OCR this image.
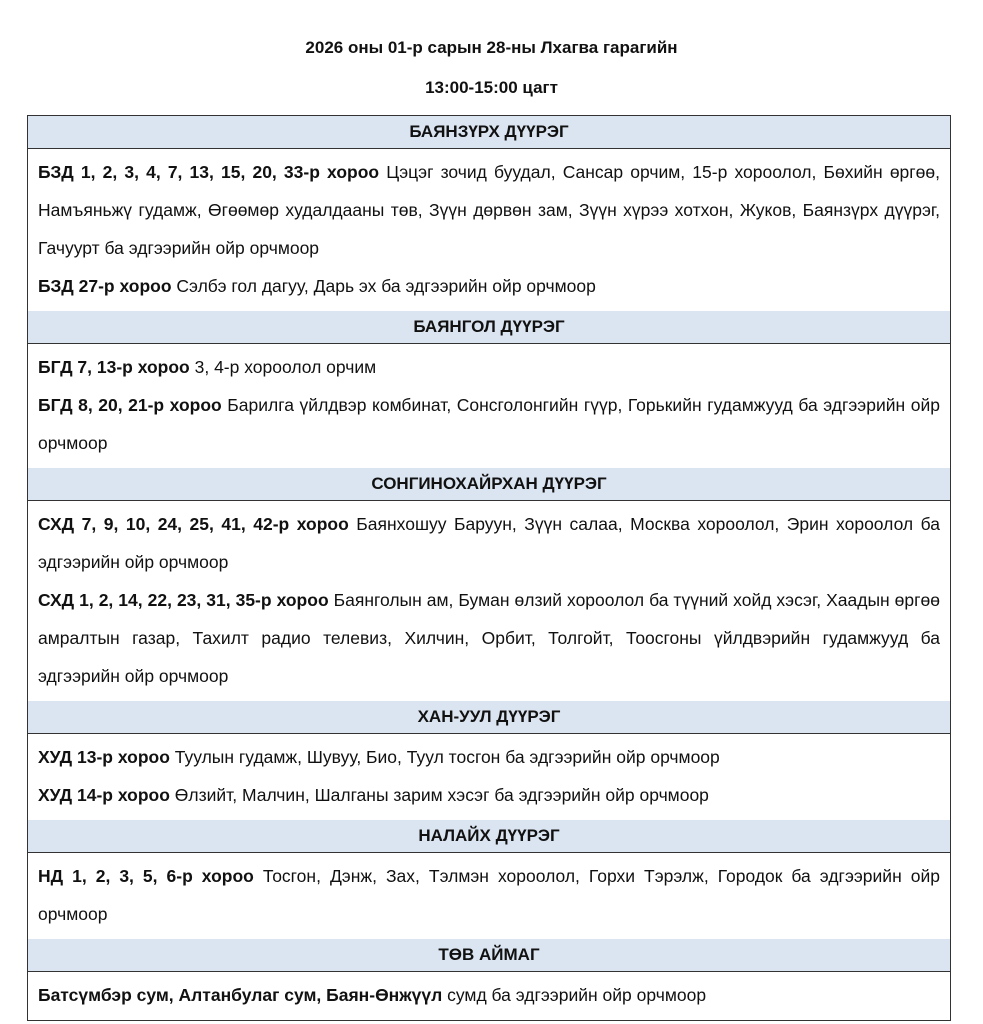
2026 оны 01-р сарын 28-ны Лхагва гарагийн
13:00-15:00 цагт
БАЯНЗҮРХ ДҮҮРЭГ
БЗД 1, 2, 3, 4, 7, 13, 15, 20, 33-р хороо Цэцэг зочид буудал, Сансар орчим, 15-р хороолол, Бөхийн өргөө, Намъяньжү гудамж, Өгөөмөр худалдааны төв, Зүүн дөрвөн зам, Зүүн хүрээ хотхон, Жуков, Баянзүрх дүүрэг, Гачуурт ба эдгээрийн ойр орчмоор
БЗД 27-р хороо Сэлбэ гол дагуу, Дарь эх ба эдгээрийн ойр орчмоор
БАЯНГОЛ ДҮҮРЭГ
БГД 7, 13-р хороо 3, 4-р хороолол орчим
БГД 8, 20, 21-р хороо Барилга үйлдвэр комбинат, Сонсголонгийн гүүр, Горькийн гудамжууд ба эдгээрийн ойр орчмоор
СОНГИНОХАЙРХАН ДҮҮРЭГ
СХД 7, 9, 10, 24, 25, 41, 42-р хороо Баянхошуу Баруун, Зүүн салаа, Москва хороолол, Эрин хороолол ба эдгээрийн ойр орчмоор
СХД 1, 2, 14, 22, 23, 31, 35-р хороо Баянголын ам, Буман өлзий хороолол ба түүний хойд хэсэг, Хаадын өргөө амралтын газар, Тахилт радио телевиз, Хилчин, Орбит, Толгойт, Тоосгоны үйлдвэрийн гудамжууд ба эдгээрийн ойр орчмоор
ХАН-УУЛ ДҮҮРЭГ
ХУД 13-р хороо Туулын гудамж, Шувуу, Био, Туул тосгон ба эдгээрийн ойр орчмоор
ХУД 14-р хороо Өлзийт, Малчин, Шалганы зарим хэсэг ба эдгээрийн ойр орчмоор
НАЛАЙХ ДҮҮРЭГ
НД 1, 2, 3, 5, 6-р хороо Тосгон, Дэнж, Зах, Тэлмэн хороолол, Горхи Тэрэлж, Городок ба эдгээрийн ойр орчмоор
ТӨВ АЙМАГ
Батсүмбэр сум, Алтанбулаг сум, Баян-Өнжүүл сумд ба эдгээрийн ойр орчмоор
